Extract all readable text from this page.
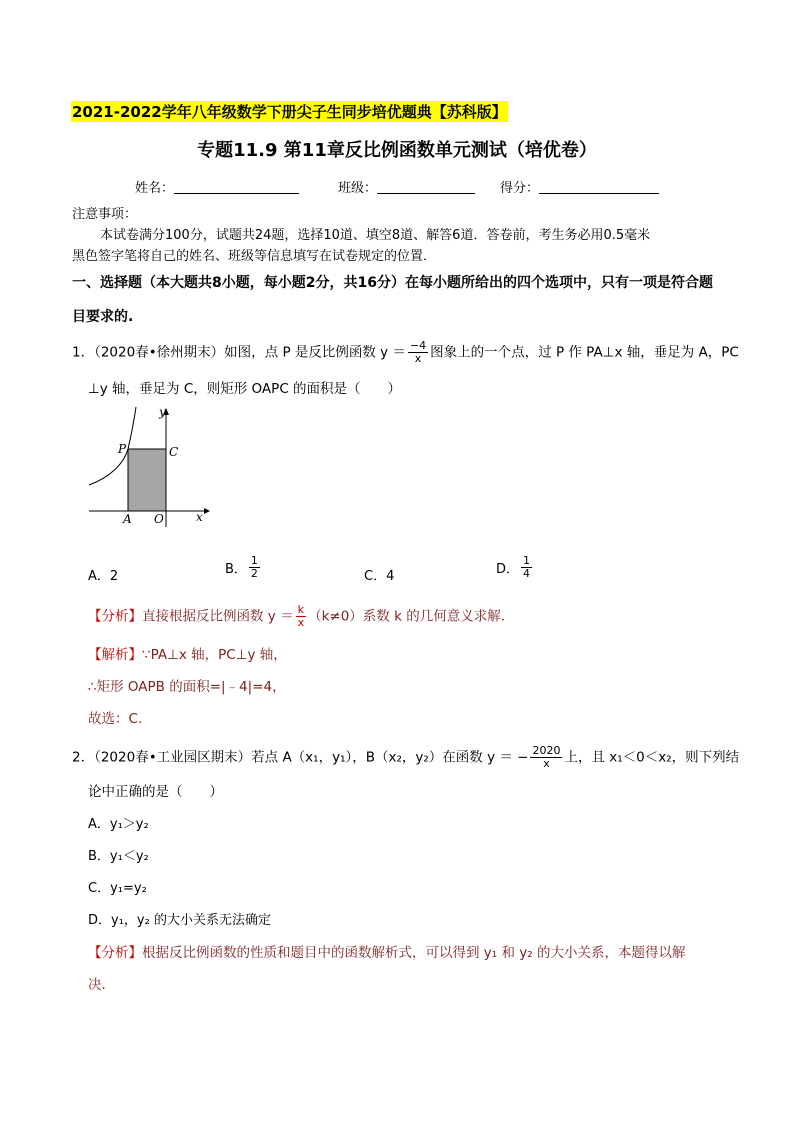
2021-2022学年八年级数学下册尖子生同步培优题典【苏科版】
专题11.9 第11章反比例函数单元测试（培优卷）
姓名：	班级：	得分：
注意事项：
本试卷满分100分，试题共24题，选择10道、填空8道、解答6道．答卷前，考生务必用0.5毫米
黑色签字笔将自己的姓名、班级等信息填写在试卷规定的位置．
一、选择题（本大题共8小题，每小题2分，共16分）在每小题所给出的四个选项中，只有一项是符合题
目要求的.
1．（2020春•徐州期末）如图，点 P 是反比例函数 $y = \frac{-4}{x}$ 图象上的一个点，过 P 作 PA⊥x 轴，垂足为 A，PC
⊥y 轴，垂足为 C，则矩形 OAPC 的面积是（　　）
y
x
P	C
A O
A．2	B． $\frac{1}{2}$	C．4	D． $\frac{1}{4}$
【分析】直接根据反比例函数 $y = \frac{k}{x} (k\ne 0)$系数 k 的几何意义求解．
【解析】∵PA⊥x 轴，PC⊥y 轴，
∴矩形 OAPB 的面积=|﹣4|=4，
故选：C.
2．（2020春•工业园区期末）若点 A（x₁，y₁），B（x₂，y₂）在函数 y ＝ − $\frac{2020}{x}$ 上，且 x₁＜0＜x₂，则下列结
论中正确的是（　　）
A．y₁＞y₂
B．y₁＜y₂
C．y₁=y₂
D．y₁，y₂ 的大小关系无法确定
【分析】根据反比例函数的性质和题目中的函数解析式，可以得到 y₁ 和 y₂ 的大小关系，本题得以解
决.
